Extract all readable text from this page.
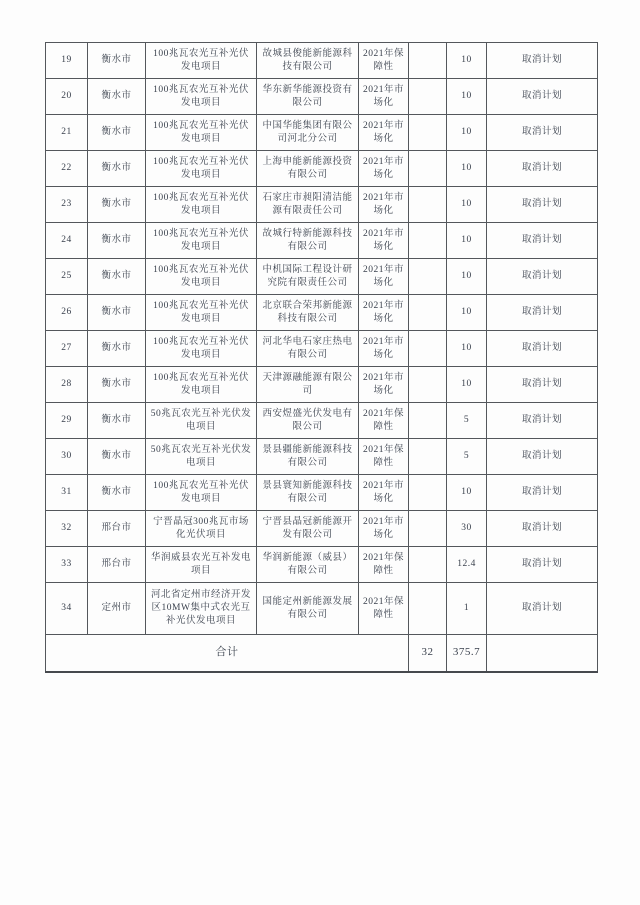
19	衡水市	100兆瓦农光互补光伏发电项目	故城县俊能新能源科技有限公司	2021年保障性		10	取消计划
20	衡水市	100兆瓦农光互补光伏发电项目	华东新华能源投资有限公司	2021年市场化		10	取消计划
21	衡水市	100兆瓦农光互补光伏发电项目	中国华能集团有限公司河北分公司	2021年市场化		10	取消计划
22	衡水市	100兆瓦农光互补光伏发电项目	上海申能新能源投资有限公司	2021年市场化		10	取消计划
23	衡水市	100兆瓦农光互补光伏发电项目	石家庄市昶阳清洁能源有限责任公司	2021年市场化		10	取消计划
24	衡水市	100兆瓦农光互补光伏发电项目	故城行特新能源科技有限公司	2021年市场化		10	取消计划
25	衡水市	100兆瓦农光互补光伏发电项目	中机国际工程设计研究院有限责任公司	2021年市场化		10	取消计划
26	衡水市	100兆瓦农光互补光伏发电项目	北京联合荣邦新能源科技有限公司	2021年市场化		10	取消计划
27	衡水市	100兆瓦农光互补光伏发电项目	河北华电石家庄热电有限公司	2021年市场化		10	取消计划
28	衡水市	100兆瓦农光互补光伏发电项目	天津源融能源有限公司	2021年市场化		10	取消计划
29	衡水市	50兆瓦农光互补光伏发电项目	西安煜盛光伏发电有限公司	2021年保障性		5	取消计划
30	衡水市	50兆瓦农光互补光伏发电项目	景县疆能新能源科技有限公司	2021年保障性		5	取消计划
31	衡水市	100兆瓦农光互补光伏发电项目	景县寰知新能源科技有限公司	2021年市场化		10	取消计划
32	邢台市	宁晋晶冠300兆瓦市场化光伏项目	宁晋县晶冠新能源开发有限公司	2021年市场化		30	取消计划
33	邢台市	华润威县农光互补发电项目	华润新能源（威县）有限公司	2021年保障性		12.4	取消计划
34	定州市	河北省定州市经济开发区10MW集中式农光互补光伏发电项目	国能定州新能源发展有限公司	2021年保障性		1	取消计划
合计					32	375.7	
